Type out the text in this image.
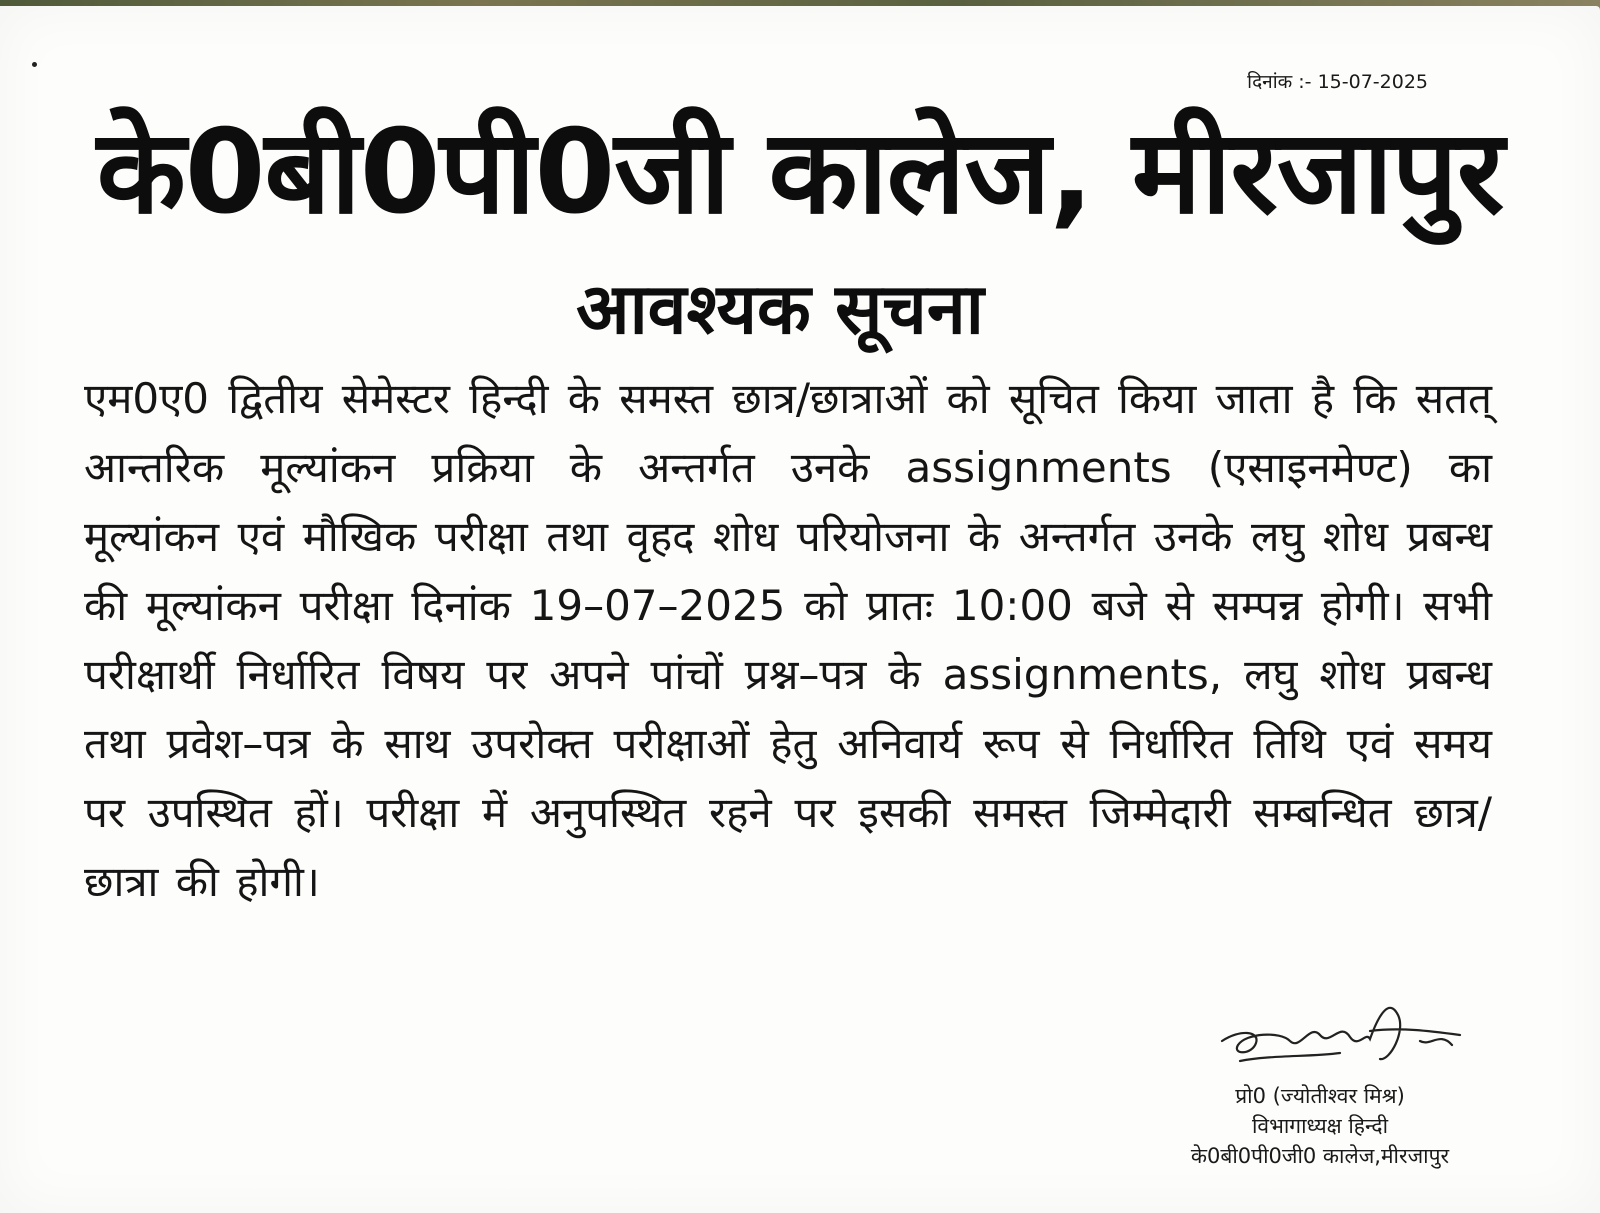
दिनांक :- 15-07-2025
के0बी0पी0जी कालेज, मीरजापुर
आवश्यक सूचना
एम0ए0 द्वितीय सेमेस्टर हिन्दी के समस्त छात्र/छात्राओं को सूचित किया जाता है कि सतत् आन्तरिक मूल्यांकन प्रक्रिया के अन्तर्गत उनके assignments (एसाइनमेण्ट) का मूल्यांकन एवं मौखिक परीक्षा तथा वृहद शोध परियोजना के अन्तर्गत उनके लघु शोध प्रबन्ध की मूल्यांकन परीक्षा दिनांक 19–07–2025 को प्रातः 10:00 बजे से सम्पन्न होगी। सभी परीक्षार्थी निर्धारित विषय पर अपने पांचों प्रश्न–पत्र के assignments, लघु शोध प्रबन्ध तथा प्रवेश–पत्र के साथ उपरोक्त परीक्षाओं हेतु अनिवार्य रूप से निर्धारित तिथि एवं समय पर उपस्थित हों। परीक्षा में अनुपस्थित रहने पर इसकी समस्त जिम्मेदारी सम्बन्धित छात्र/छात्रा की होगी।
प्रो0 (ज्योतीश्वर मिश्र)
विभागाध्यक्ष हिन्दी
के0बी0पी0जी0 कालेज,मीरजापुर
